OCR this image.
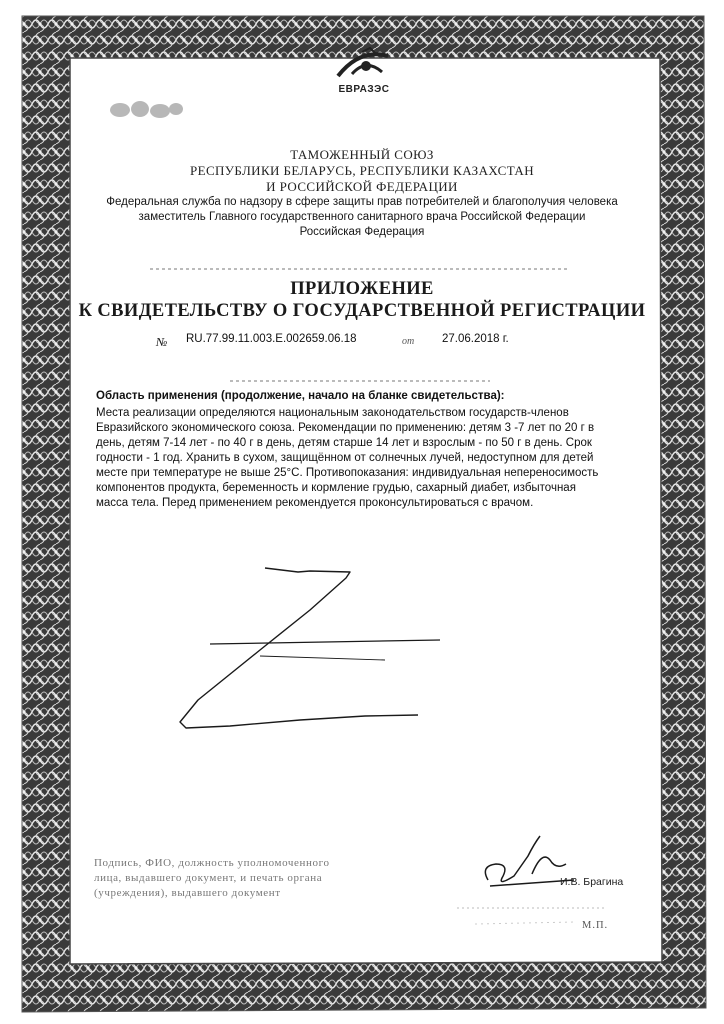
ЕВРАЗЭС
ТАМОЖЕННЫЙ СОЮЗ
РЕСПУБЛИКИ БЕЛАРУСЬ, РЕСПУБЛИКИ КАЗАХСТАН
И РОССИЙСКОЙ ФЕДЕРАЦИИ
Федеральная служба по надзору в сфере защиты прав потребителей и благополучия человека
заместитель Главного государственного санитарного врача Российской Федерации
Российская Федерация
ПРИЛОЖЕНИЕ
К СВИДЕТЕЛЬСТВУ О ГОСУДАРСТВЕННОЙ РЕГИСТРАЦИИ
№ RU.77.99.11.003.Е.002659.06.18	от 27.06.2018 г.
Область применения (продолжение, начало на бланке свидетельства):
Места реализации определяются национальным законодательством государств-членов Евразийского экономического союза. Рекомендации по применению: детям 3 -7 лет по 20 г в день, детям 7-14 лет - по 40 г в день, детям старше 14 лет и взрослым - по 50 г в день. Срок годности - 1 год. Хранить в сухом, защищённом от солнечных лучей, недоступном для детей месте при температуре не выше 25°С. Противопоказания: индивидуальная непереносимость компонентов продукта, беременность и кормление грудью, сахарный диабет, избыточная масса тела. Перед применением рекомендуется проконсультироваться с врачом.
Подпись, ФИО, должность уполномоченного
лица, выдавшего документ, и печать органа
(учреждения), выдавшего документ
И.В. Брагина
М.П.
